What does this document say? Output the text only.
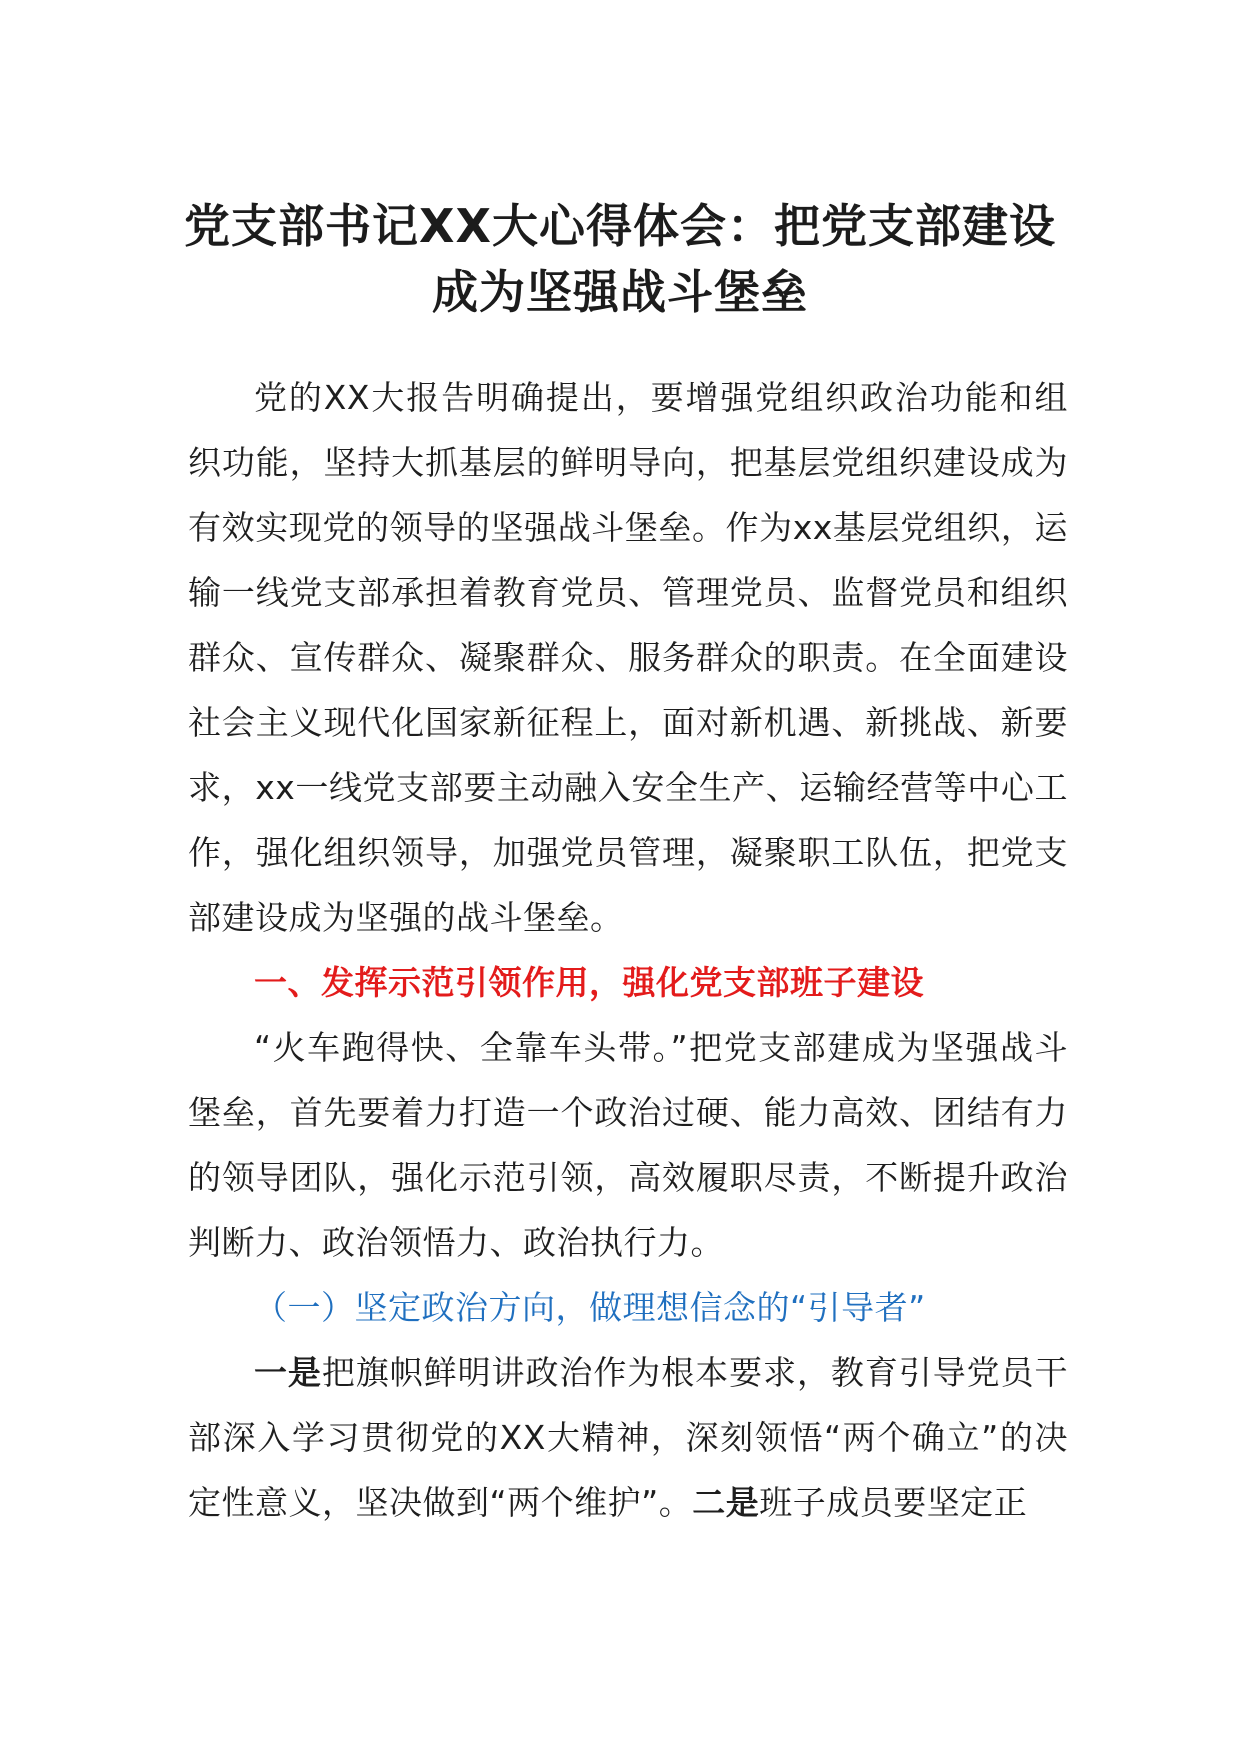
党支部书记XX大心得体会：把党支部建设
成为坚强战斗堡垒

党的XX大报告明确提出，要增强党组织政治功能和组织功能，坚持大抓基层的鲜明导向，把基层党组织建设成为有效实现党的领导的坚强战斗堡垒。作为xx基层党组织，运输一线党支部承担着教育党员、管理党员、监督党员和组织群众、宣传群众、凝聚群众、服务群众的职责。在全面建设社会主义现代化国家新征程上，面对新机遇、新挑战、新要求，xx一线党支部要主动融入安全生产、运输经营等中心工作，强化组织领导，加强党员管理，凝聚职工队伍，把党支部建设成为坚强的战斗堡垒。

一、发挥示范引领作用，强化党支部班子建设

“火车跑得快、全靠车头带。”把党支部建成为坚强战斗堡垒，首先要着力打造一个政治过硬、能力高效、团结有力的领导团队，强化示范引领，高效履职尽责，不断提升政治判断力、政治领悟力、政治执行力。

（一）坚定政治方向，做理想信念的“引导者”

一是把旗帜鲜明讲政治作为根本要求，教育引导党员干部深入学习贯彻党的XX大精神，深刻领悟“两个确立”的决定性意义，坚决做到“两个维护”。二是班子成员要坚定正
